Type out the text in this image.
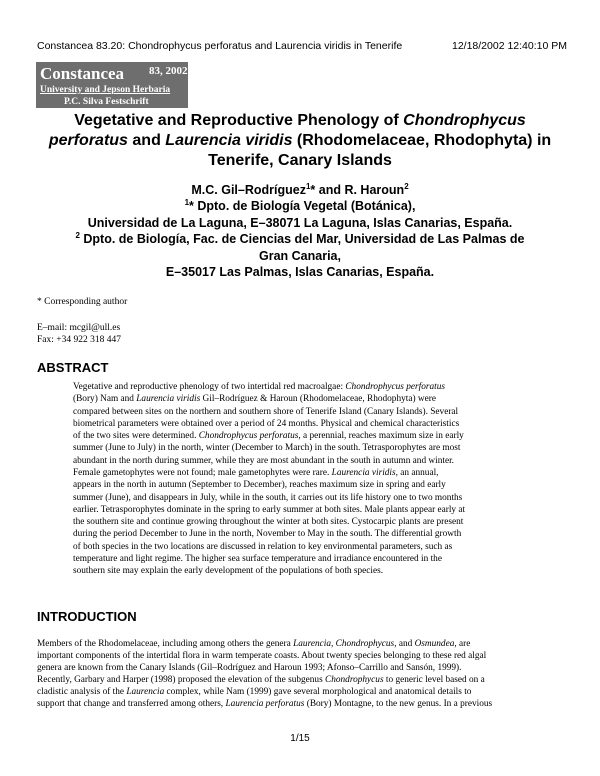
Constancea 83.20: Chondrophycus perforatus and Laurencia viridis in Tenerife	12/18/2002 12:40:10 PM
Constancea 83, 2002
University and Jepson Herbaria
P.C. Silva Festschrift
Vegetative and Reproductive Phenology of Chondrophycus
perforatus and Laurencia viridis (Rhodomelaceae, Rhodophyta) in
Tenerife, Canary Islands
M.C. Gil–Rodríguez$^1$* and R. Haroun$^2$
$^1$* Dpto. de Biología Vegetal (Botánica),
Universidad de La Laguna, E–38071 La Laguna, Islas Canarias, España.
$^2$ Dpto. de Biología, Fac. de Ciencias del Mar, Universidad de Las Palmas de
Gran Canaria,
E–35017 Las Palmas, Islas Canarias, España.
* Corresponding author
E–mail: mcgil@ull.es
Fax: +34 922 318 447
ABSTRACT
Vegetative and reproductive phenology of two intertidal red macroalgae: Chondrophycus perforatus
(Bory) Nam and Laurencia viridis Gil–Rodríguez & Haroun (Rhodomelaceae, Rhodophyta) were
compared between sites on the northern and southern shore of Tenerife Island (Canary Islands). Several
biometrical parameters were obtained over a period of 24 months. Physical and chemical characteristics
of the two sites were determined. Chondrophycus perforatus, a perennial, reaches maximum size in early
summer (June to July) in the north, winter (December to March) in the south. Tetrasporophytes are most
abundant in the north during summer, while they are most abundant in the south in autumn and winter.
Female gametophytes were not found; male gametophytes were rare. Laurencia viridis, an annual,
appears in the north in autumn (September to December), reaches maximum size in spring and early
summer (June), and disappears in July, while in the south, it carries out its life history one to two months
earlier. Tetrasporophytes dominate in the spring to early summer at both sites. Male plants appear early at
the southern site and continue growing throughout the winter at both sites. Cystocarpic plants are present
during the period December to June in the north, November to May in the south. The differential growth
of both species in the two locations are discussed in relation to key environmental parameters, such as
temperature and light regime. The higher sea surface temperature and irradiance encountered in the
southern site may explain the early development of the populations of both species.
INTRODUCTION
Members of the Rhodomelaceae, including among others the genera Laurencia, Chondrophycus, and Osmundea, are
important components of the intertidal flora in warm temperate coasts. About twenty species belonging to these red algal
genera are known from the Canary Islands (Gil–Rodríguez and Haroun 1993; Afonso–Carrillo and Sansón, 1999).
Recently, Garbary and Harper (1998) proposed the elevation of the subgenus Chondrophycus to generic level based on a
cladistic analysis of the Laurencia complex, while Nam (1999) gave several morphological and anatomical details to
support that change and transferred among others, Laurencia perforatus (Bory) Montagne, to the new genus. In a previous
1/15
